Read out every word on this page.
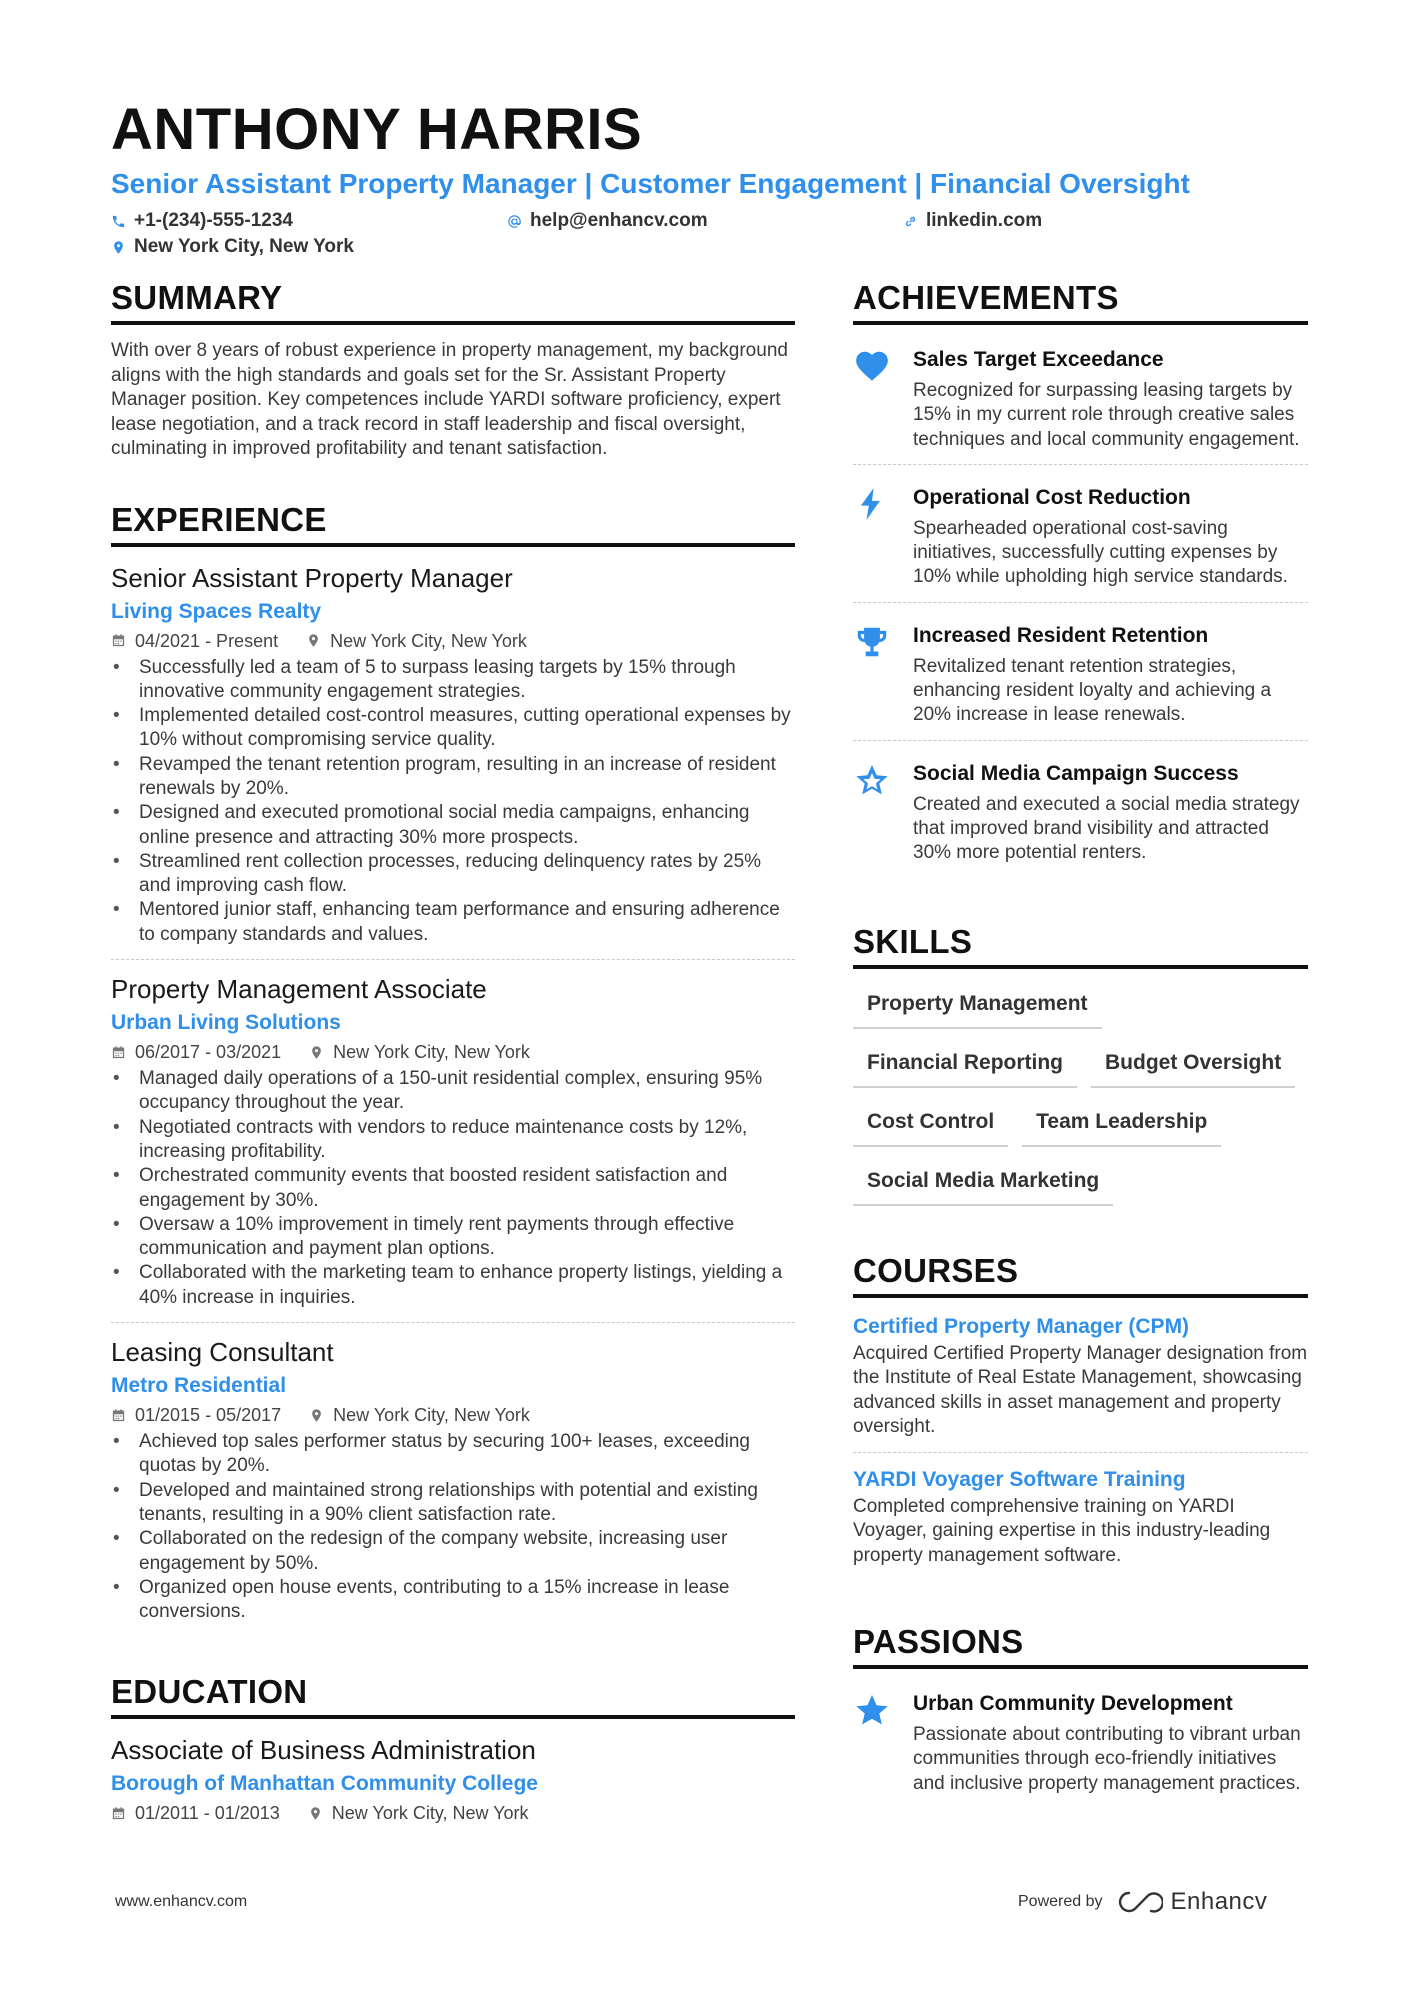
ANTHONY HARRIS
Senior Assistant Property Manager | Customer Engagement | Financial Oversight
+1-(234)-555-1234	help@enhancv.com	linkedin.com
New York City, New York
SUMMARY
With over 8 years of robust experience in property management, my background aligns with the high standards and goals set for the Sr. Assistant Property Manager position. Key competences include YARDI software proficiency, expert lease negotiation, and a track record in staff leadership and fiscal oversight, culminating in improved profitability and tenant satisfaction.
EXPERIENCE
Senior Assistant Property Manager
Living Spaces Realty
04/2021 - Present	New York City, New York
• Successfully led a team of 5 to surpass leasing targets by 15% through innovative community engagement strategies.
• Implemented detailed cost-control measures, cutting operational expenses by 10% without compromising service quality.
• Revamped the tenant retention program, resulting in an increase of resident renewals by 20%.
• Designed and executed promotional social media campaigns, enhancing online presence and attracting 30% more prospects.
• Streamlined rent collection processes, reducing delinquency rates by 25% and improving cash flow.
• Mentored junior staff, enhancing team performance and ensuring adherence to company standards and values.
Property Management Associate
Urban Living Solutions
06/2017 - 03/2021	New York City, New York
• Managed daily operations of a 150-unit residential complex, ensuring 95% occupancy throughout the year.
• Negotiated contracts with vendors to reduce maintenance costs by 12%, increasing profitability.
• Orchestrated community events that boosted resident satisfaction and engagement by 30%.
• Oversaw a 10% improvement in timely rent payments through effective communication and payment plan options.
• Collaborated with the marketing team to enhance property listings, yielding a 40% increase in inquiries.
Leasing Consultant
Metro Residential
01/2015 - 05/2017	New York City, New York
• Achieved top sales performer status by securing 100+ leases, exceeding quotas by 20%.
• Developed and maintained strong relationships with potential and existing tenants, resulting in a 90% client satisfaction rate.
• Collaborated on the redesign of the company website, increasing user engagement by 50%.
• Organized open house events, contributing to a 15% increase in lease conversions.
EDUCATION
Associate of Business Administration
Borough of Manhattan Community College
01/2011 - 01/2013	New York City, New York
ACHIEVEMENTS
Sales Target Exceedance
Recognized for surpassing leasing targets by 15% in my current role through creative sales techniques and local community engagement.
Operational Cost Reduction
Spearheaded operational cost-saving initiatives, successfully cutting expenses by 10% while upholding high service standards.
Increased Resident Retention
Revitalized tenant retention strategies, enhancing resident loyalty and achieving a 20% increase in lease renewals.
Social Media Campaign Success
Created and executed a social media strategy that improved brand visibility and attracted 30% more potential renters.
SKILLS
Property Management
Financial Reporting	Budget Oversight
Cost Control	Team Leadership
Social Media Marketing
COURSES
Certified Property Manager (CPM)
Acquired Certified Property Manager designation from the Institute of Real Estate Management, showcasing advanced skills in asset management and property oversight.
YARDI Voyager Software Training
Completed comprehensive training on YARDI Voyager, gaining expertise in this industry-leading property management software.
PASSIONS
Urban Community Development
Passionate about contributing to vibrant urban communities through eco-friendly initiatives and inclusive property management practices.
www.enhancv.com	Powered by	Enhancv
